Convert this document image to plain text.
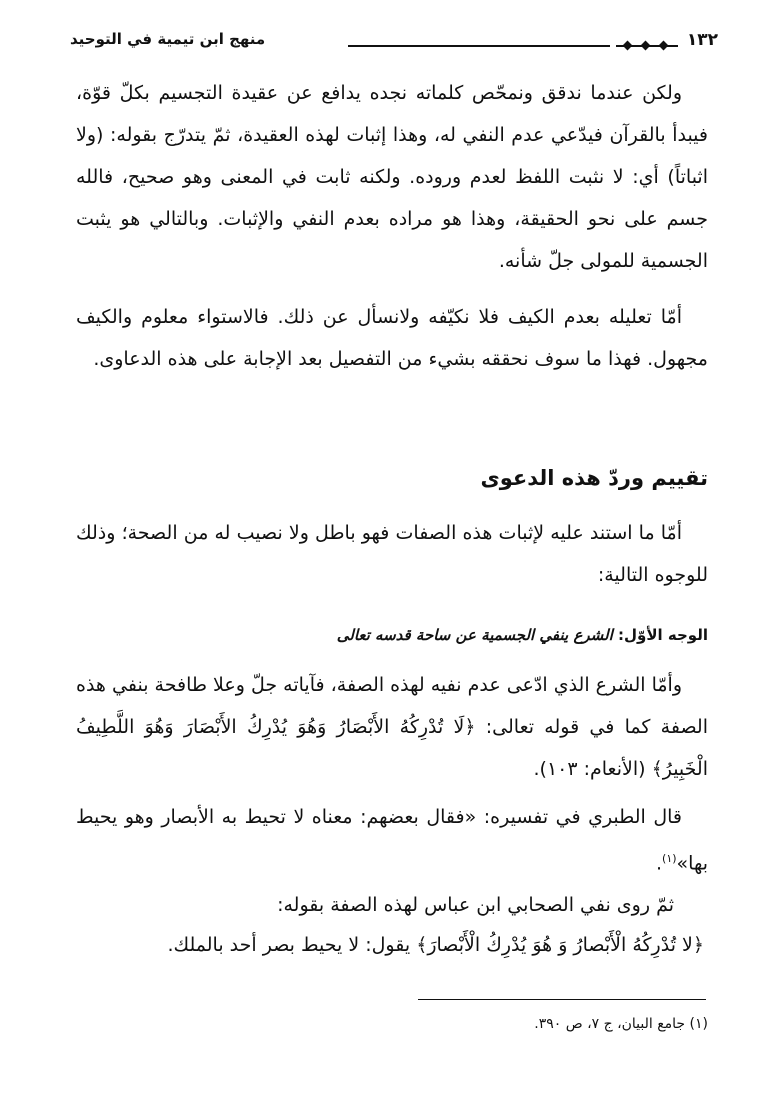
١٣٢
منهج ابن تيمية في التوحيد
ولكن عندما ندقق ونمحّص كلماته نجده يدافع عن عقيدة التجسيم بكلّ قوّة، فيبدأ بالقرآن فيدّعي عدم النفي له، وهذا إثبات لهذه العقيدة، ثمّ يتدرّج بقوله: (ولا اثباتاً) أي: لا نثبت اللفظ لعدم وروده. ولكنه ثابت في المعنى وهو صحيح، فالله جسم على نحو الحقيقة، وهذا هو مراده بعدم النفي والإثبات. وبالتالي هو يثبت الجسمية للمولى جلّ شأنه.
أمّا تعليله بعدم الكيف فلا نكيّفه ولانسأل عن ذلك. فالاستواء معلوم والكيف مجهول. فهذا ما سوف نحققه بشيء من التفصيل بعد الإجابة على هذه الدعاوى.
تقييم وردّ هذه الدعوى
أمّا ما استند عليه لإثبات هذه الصفات فهو باطل ولا نصيب له من الصحة؛ وذلك للوجوه التالية:
الوجه الأوّل: الشرع ينفي الجسمية عن ساحة قدسه تعالى
وأمّا الشرع الذي ادّعى عدم نفيه لهذه الصفة، فآياته جلّ وعلا طافحة بنفي هذه الصفة كما في قوله تعالى: ﴿لَا تُدْرِكُهُ الأَبْصَارُ وَهُوَ يُدْرِكُ الأَبْصَارَ وَهُوَ اللَّطِيفُ الْخَبِيرُ﴾ (الأنعام: ١٠٣).
قال الطبري في تفسيره: «فقال بعضهم: معناه لا تحيط به الأبصار وهو يحيط بها»$^{(١)}$.
ثمّ روى نفي الصحابي ابن عباس لهذه الصفة بقوله:
﴿لا تُدْرِكُهُ الْأَبْصارُ وَ هُوَ يُدْرِكُ الْأَبْصارَ﴾ يقول: لا يحيط بصر أحد بالملك.
(١) جامع البيان، ج ٧، ص ٣٩٠.
